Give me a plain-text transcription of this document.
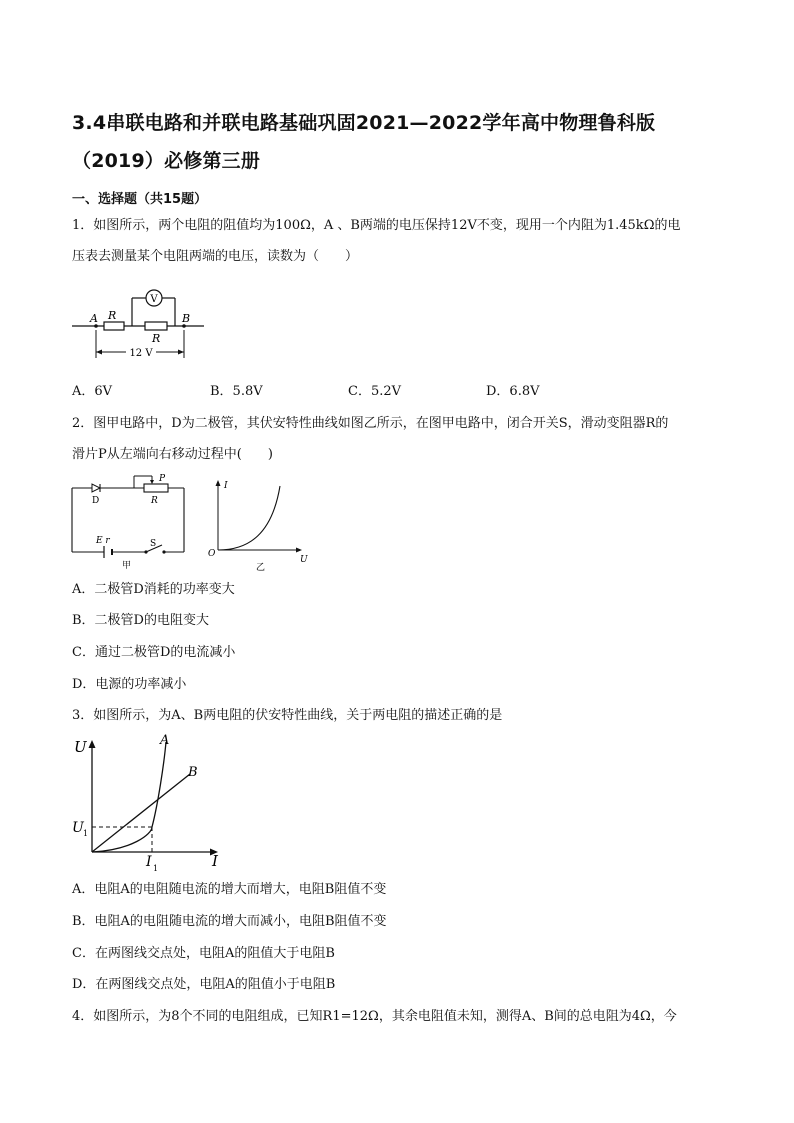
3.4串联电路和并联电路基础巩固2021—2022学年高中物理鲁科版（2019）必修第三册
一、选择题（共15题）
1．如图所示，两个电阻的阻值均为100Ω，A 、B两端的电压保持12V不变，现用一个内阻为1.45kΩ的电
压表去测量某个电阻两端的电压，读数为（　　）
V
A	B
R
R
12 V
A．6V	B．5.8V	C．5.2V	D．6.8V
2．图甲电路中，D为二极管，其伏安特性曲线如图乙所示，在图甲电路中，闭合开关S，滑动变阻器R的
滑片P从左端向右移动过程中(　　)
D
P
R
E r	S
甲
I
O
U
乙
A．二极管D消耗的功率变大
B．二极管D的电阻变大
C．通过二极管D的电流减小
D．电源的功率减小
3．如图所示，为A、B两电阻的伏安特性曲线，关于两电阻的描述正确的是
U
I
A
B
U 1
I 1
A．电阻A的电阻随电流的增大而增大，电阻B阻值不变
B．电阻A的电阻随电流的增大而减小，电阻B阻值不变
C．在两图线交点处，电阻A的阻值大于电阻B
D．在两图线交点处，电阻A的阻值小于电阻B
4．如图所示，为8个不同的电阻组成，已知R1=12Ω，其余电阻值未知，测得A、B间的总电阻为4Ω，今
